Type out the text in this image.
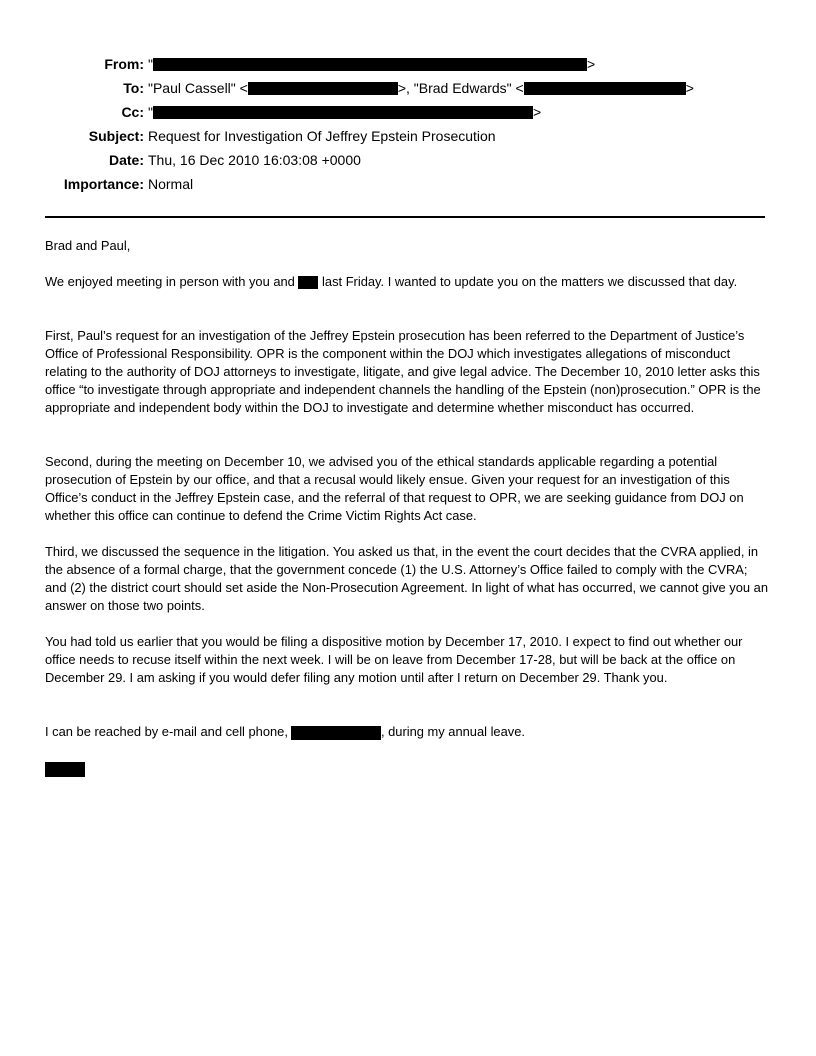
From: "	>
To: "Paul Cassell" <	>, "Brad Edwards" <	>
Cc: "	>
Subject: Request for Investigation Of Jeffrey Epstein Prosecution
Date: Thu, 16 Dec 2010 16:03:08 +0000
Importance: Normal

Brad and Paul,

We enjoyed meeting in person with you and last Friday. I wanted to update you on the matters we discussed that day.

First, Paul’s request for an investigation of the Jeffrey Epstein prosecution has been referred to the Department of Justice’s Office of Professional Responsibility. OPR is the component within the DOJ which investigates allegations of misconduct relating to the authority of DOJ attorneys to investigate, litigate, and give legal advice. The December 10, 2010 letter asks this office “to investigate through appropriate and independent channels the handling of the Epstein (non)prosecution.” OPR is the appropriate and independent body within the DOJ to investigate and determine whether misconduct has occurred.

Second, during the meeting on December 10, we advised you of the ethical standards applicable regarding a potential prosecution of Epstein by our office, and that a recusal would likely ensue. Given your request for an investigation of this Office’s conduct in the Jeffrey Epstein case, and the referral of that request to OPR, we are seeking guidance from DOJ on whether this office can continue to defend the Crime Victim Rights Act case.

Third, we discussed the sequence in the litigation. You asked us that, in the event the court decides that the CVRA applied, in the absence of a formal charge, that the government concede (1) the U.S. Attorney’s Office failed to comply with the CVRA; and (2) the district court should set aside the Non-Prosecution Agreement. In light of what has occurred, we cannot give you an answer on those two points.

You had told us earlier that you would be filing a dispositive motion by December 17, 2010. I expect to find out whether our office needs to recuse itself within the next week. I will be on leave from December 17-28, but will be back at the office on December 29. I am asking if you would defer filing any motion until after I return on December 29. Thank you.

I can be reached by e-mail and cell phone,	, during my annual leave.
